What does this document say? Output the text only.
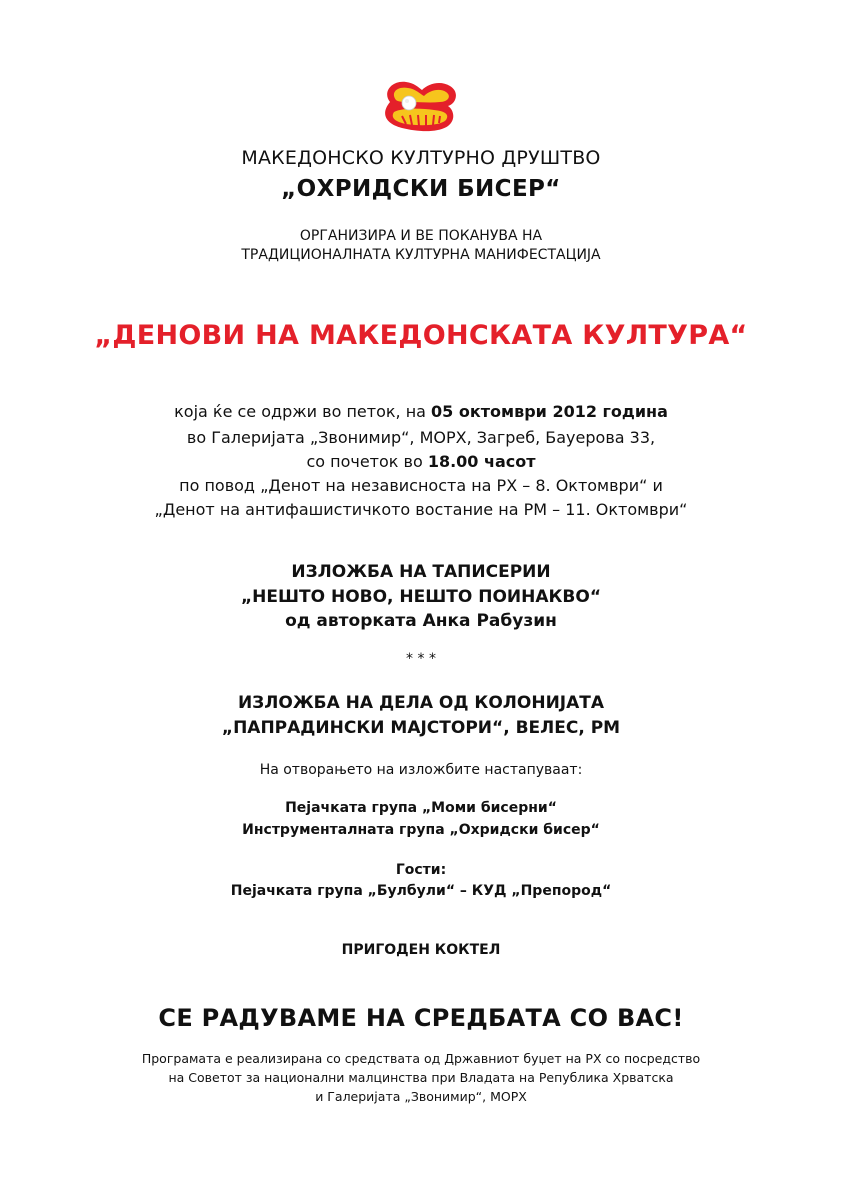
МАКЕДОНСКО КУЛТУРНО ДРУШТВО
„ОХРИДСКИ БИСЕР“
ОРГАНИЗИРА И ВЕ ПОКАНУВА НА
ТРАДИЦИОНАЛНАТА КУЛТУРНА МАНИФЕСТАЦИЈА
„ДЕНОВИ НА МАКЕДОНСКАТА КУЛТУРА“
која ќе се одржи во петок, на 05 октомври 2012 година
во Галеријата „Звонимир“, МОРХ, Загреб, Бауерова 33,
со почеток во 18.00 часот
по повод „Денот на независноста на РХ – 8. Октомври“ и
„Денот на антифашистичкото востание на РМ – 11. Октомври“
ИЗЛОЖБА НА ТАПИСЕРИИ
„НЕШТО НОВО, НЕШТО ПОИНАКВО“
од авторката Анка Рабузин
* * *
ИЗЛОЖБА НА ДЕЛА ОД КОЛОНИЈАТА
„ПАПРАДИНСКИ МАЈСТОРИ“, ВЕЛЕС, РМ
На отворањето на изложбите настапуваат:
Пејачката група „Моми бисерни“
Инструменталната група „Охридски бисер“
Гости:
Пејачката група „Булбули“ – КУД „Препород“
ПРИГОДЕН КОКТЕЛ
СЕ РАДУВАМЕ НА СРЕДБАТА СО ВАС!
Програмата е реализирана со средствата од Државниот буџет на РХ со посредство
на Советот за национални малцинства при Владата на Република Хрватска
и Галеријата „Звонимир“, МОРХ
